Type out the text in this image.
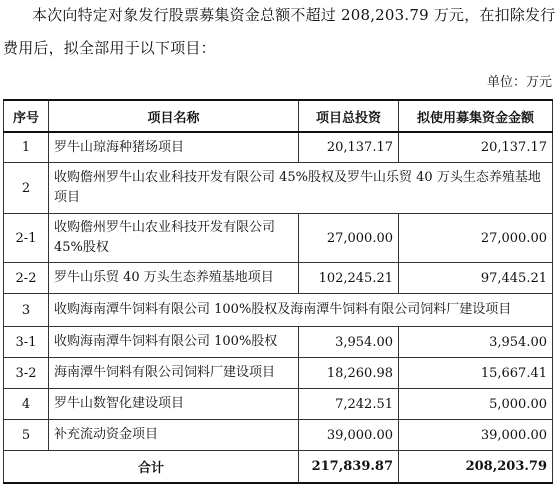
本次向特定对象发行股票募集资金总额不超过 208,203.79 万元，在扣除发行
费用后，拟全部用于以下项目：

单位：万元
序号	项目名称	项目总投资	拟使用募集资金金额
1	罗牛山琼海种猪场项目	20,137.17	20,137.17
2	收购儋州罗牛山农业科技开发有限公司 45%股权及罗牛山乐贸 40 万头生态养殖基地项目		
2-1	收购儋州罗牛山农业科技开发有限公司 45%股权	27,000.00	27,000.00
2-2	罗牛山乐贸 40 万头生态养殖基地项目	102,245.21	97,445.21
3	收购海南潭牛饲料有限公司 100%股权及海南潭牛饲料有限公司饲料厂建设项目		
3-1	收购海南潭牛饲料有限公司 100%股权	3,954.00	3,954.00
3-2	海南潭牛饲料有限公司饲料厂建设项目	18,260.98	15,667.41
4	罗牛山数智化建设项目	7,242.51	5,000.00
5	补充流动资金项目	39,000.00	39,000.00
合计		217,839.87	208,203.79
